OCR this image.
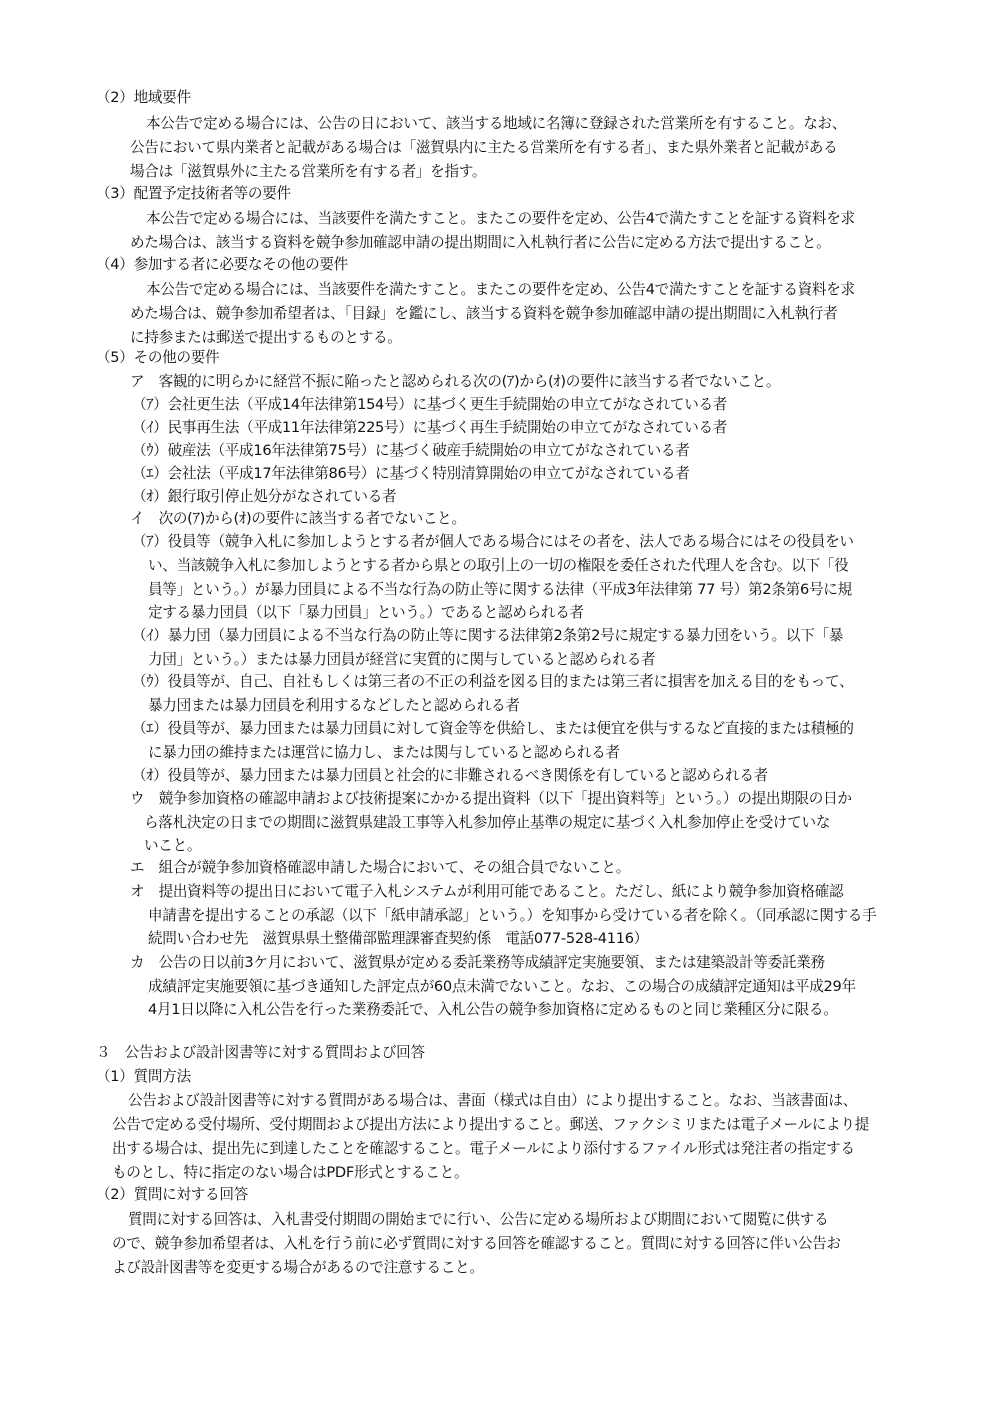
（2）地域要件
本公告で定める場合には、公告の日において、該当する地域に名簿に登録された営業所を有すること。なお、
公告において県内業者と記載がある場合は「滋賀県内に主たる営業所を有する者」、また県外業者と記載がある
場合は「滋賀県外に主たる営業所を有する者」を指す。
（3）配置予定技術者等の要件
本公告で定める場合には、当該要件を満たすこと。またこの要件を定め、公告4で満たすことを証する資料を求
めた場合は、該当する資料を競争参加確認申請の提出期間に入札執行者に公告に定める方法で提出すること。
（4）参加する者に必要なその他の要件
本公告で定める場合には、当該要件を満たすこと。またこの要件を定め、公告4で満たすことを証する資料を求
めた場合は、競争参加希望者は、「目録」を鑑にし、該当する資料を競争参加確認申請の提出期間に入札執行者
に持参または郵送で提出するものとする。
（5）その他の要件
ア　客観的に明らかに経営不振に陥ったと認められる次の(ｱ)から(ｵ)の要件に該当する者でないこと。
（ｱ）会社更生法（平成14年法律第154号）に基づく更生手続開始の申立てがなされている者
（ｲ）民事再生法（平成11年法律第225号）に基づく再生手続開始の申立てがなされている者
（ｳ）破産法（平成16年法律第75号）に基づく破産手続開始の申立てがなされている者
（ｴ）会社法（平成17年法律第86号）に基づく特別清算開始の申立てがなされている者
（ｵ）銀行取引停止処分がなされている者
イ　次の(ｱ)から(ｵ)の要件に該当する者でないこと。
（ｱ）役員等（競争入札に参加しようとする者が個人である場合にはその者を、法人である場合にはその役員をい
い、当該競争入札に参加しようとする者から県との取引上の一切の権限を委任された代理人を含む。以下「役
員等」という。）が暴力団員による不当な行為の防止等に関する法律（平成3年法律第 77 号）第2条第6号に規
定する暴力団員（以下「暴力団員」という。）であると認められる者
（ｲ）暴力団（暴力団員による不当な行為の防止等に関する法律第2条第2号に規定する暴力団をいう。以下「暴
力団」という。）または暴力団員が経営に実質的に関与していると認められる者
（ｳ）役員等が、自己、自社もしくは第三者の不正の利益を図る目的または第三者に損害を加える目的をもって、
暴力団または暴力団員を利用するなどしたと認められる者
（ｴ）役員等が、暴力団または暴力団員に対して資金等を供給し、または便宜を供与するなど直接的または積極的
に暴力団の維持または運営に協力し、または関与していると認められる者
（ｵ）役員等が、暴力団または暴力団員と社会的に非難されるべき関係を有していると認められる者
ウ　競争参加資格の確認申請および技術提案にかかる提出資料（以下「提出資料等」という。）の提出期限の日か
ら落札決定の日までの期間に滋賀県建設工事等入札参加停止基準の規定に基づく入札参加停止を受けていな
いこと。
エ　組合が競争参加資格確認申請した場合において、その組合員でないこと。
オ　提出資料等の提出日において電子入札システムが利用可能であること。ただし、紙により競争参加資格確認
申請書を提出することの承認（以下「紙申請承認」という。）を知事から受けている者を除く。（同承認に関する手
続問い合わせ先　滋賀県県土整備部監理課審査契約係　電話077-528-4116）
カ　公告の日以前3ケ月において、滋賀県が定める委託業務等成績評定実施要領、または建築設計等委託業務
成績評定実施要領に基づき通知した評定点が60点未満でないこと。なお、この場合の成績評定通知は平成29年
4月1日以降に入札公告を行った業務委託で、入札公告の競争参加資格に定めるものと同じ業種区分に限る。
３　公告および設計図書等に対する質問および回答
（1）質問方法
公告および設計図書等に対する質問がある場合は、書面（様式は自由）により提出すること。なお、当該書面は、
公告で定める受付場所、受付期間および提出方法により提出すること。郵送、ファクシミリまたは電子メールにより提
出する場合は、提出先に到達したことを確認すること。電子メールにより添付するファイル形式は発注者の指定する
ものとし、特に指定のない場合はPDF形式とすること。
（2）質問に対する回答
質問に対する回答は、入札書受付期間の開始までに行い、公告に定める場所および期間において閲覧に供する
ので、競争参加希望者は、入札を行う前に必ず質問に対する回答を確認すること。質問に対する回答に伴い公告お
よび設計図書等を変更する場合があるので注意すること。
